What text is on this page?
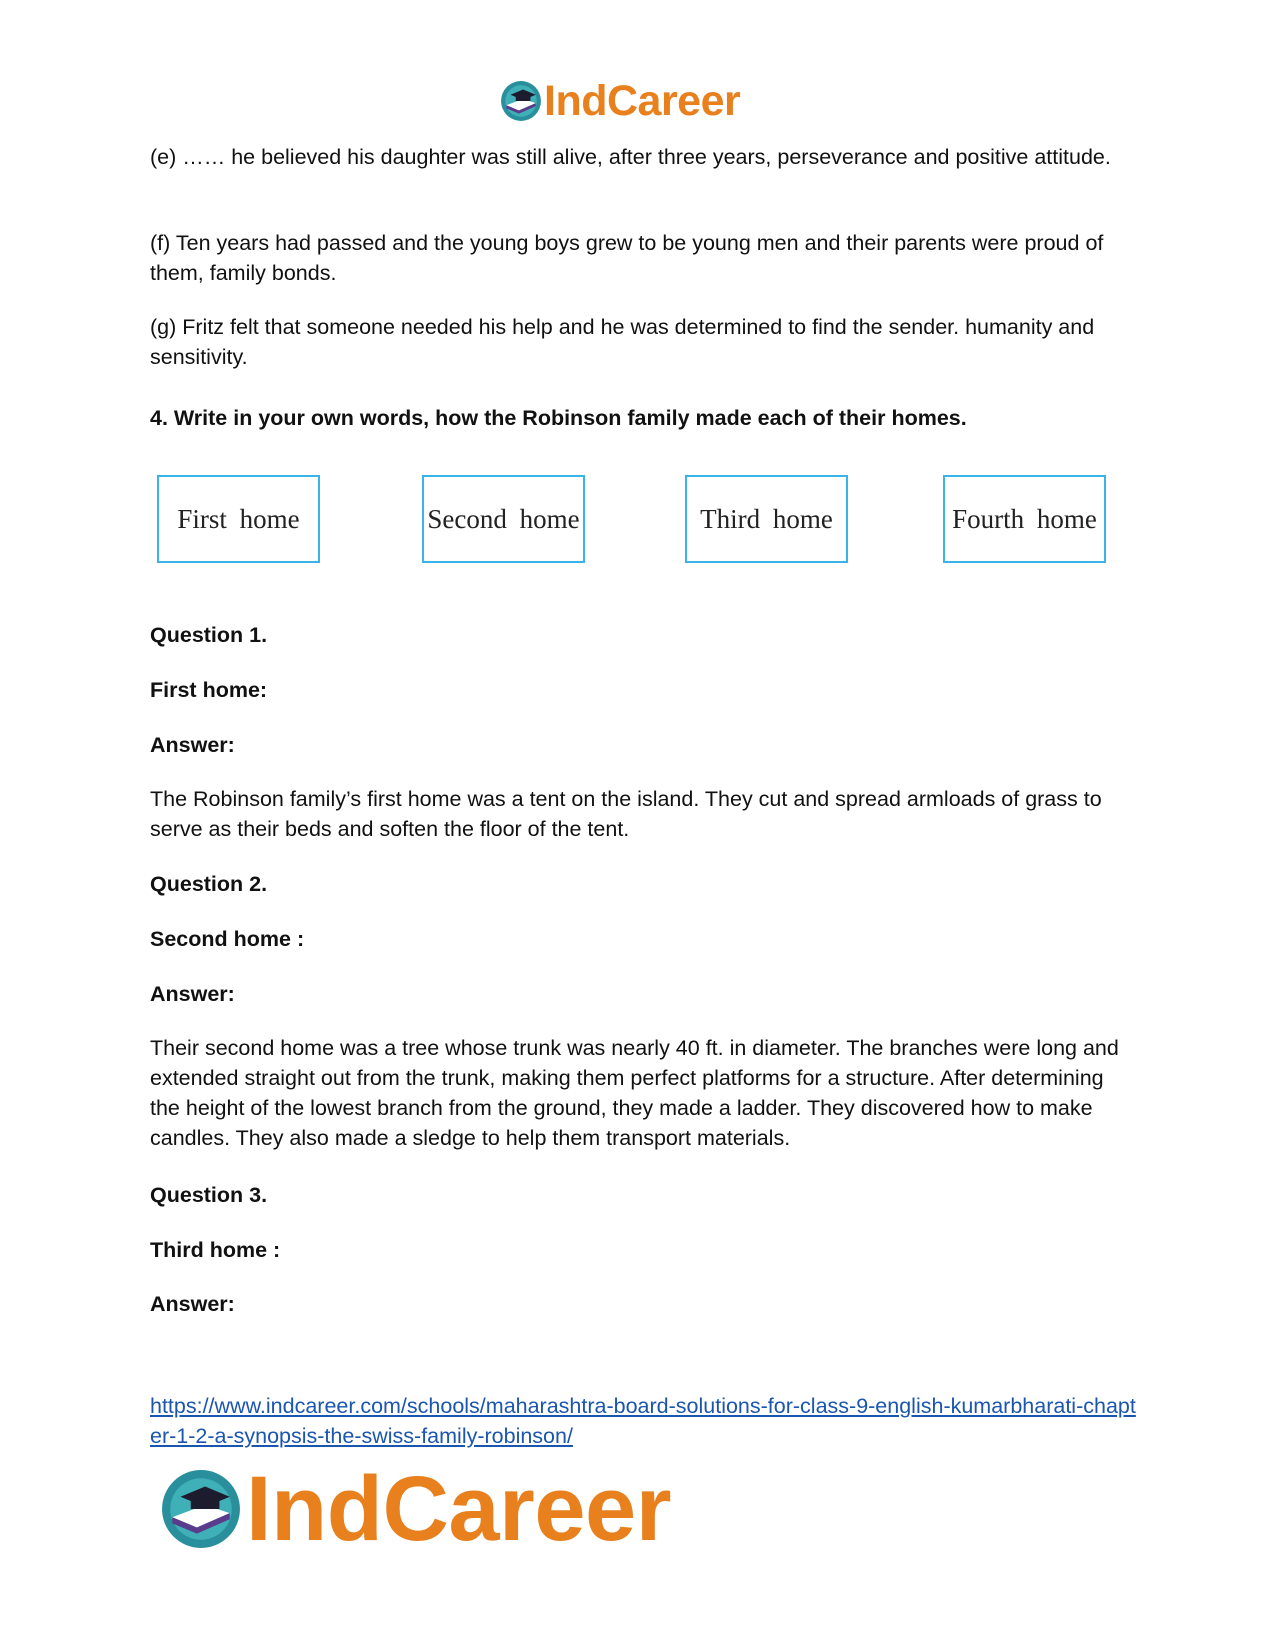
IndCareer

(e) …… he believed his daughter was still alive, after three years, perseverance and positive attitude.

(f) Ten years had passed and the young boys grew to be young men and their parents were proud of them, family bonds.

(g) Fritz felt that someone needed his help and he was determined to find the sender. humanity and sensitivity.

4. Write in your own words, how the Robinson family made each of their homes.

First home	Second home	Third home	Fourth home

Question 1.

First home:

Answer:

The Robinson family’s first home was a tent on the island. They cut and spread armloads of grass to serve as their beds and soften the floor of the tent.

Question 2.

Second home :

Answer:

Their second home was a tree whose trunk was nearly 40 ft. in diameter. The branches were long and extended straight out from the trunk, making them perfect platforms for a structure. After determining the height of the lowest branch from the ground, they made a ladder. They discovered how to make candles. They also made a sledge to help them transport materials.

Question 3.

Third home :

Answer:

https://www.indcareer.com/schools/maharashtra-board-solutions-for-class-9-english-kumarbharati-chapter-1-2-a-synopsis-the-swiss-family-robinson/
IndCareer
